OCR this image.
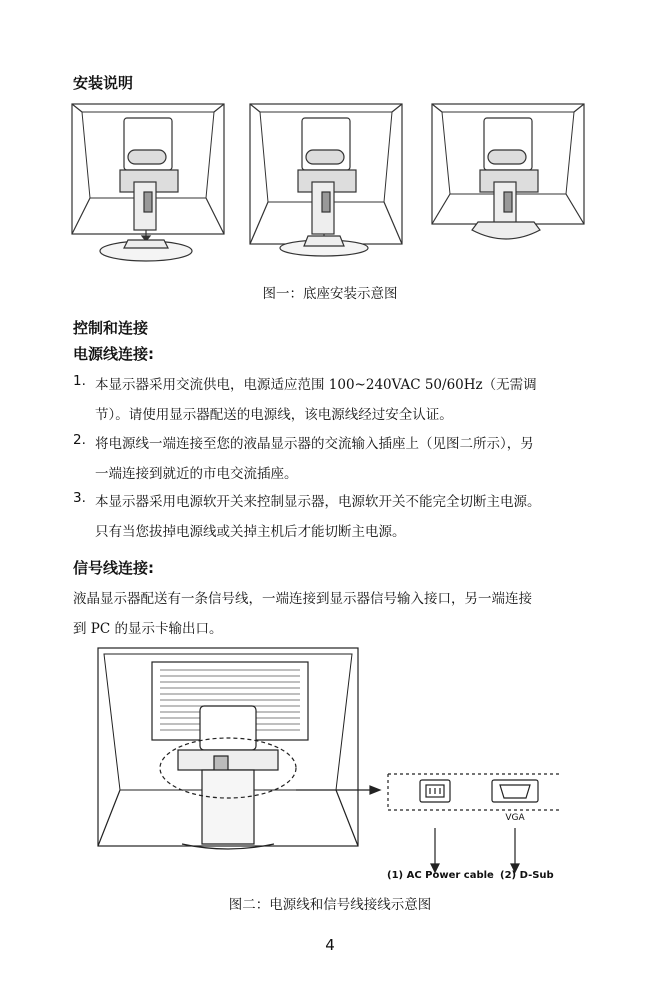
安装说明
图一：底座安装示意图
控制和连接
电源线连接:
1. 本显示器采用交流供电，电源适应范围 100~240VAC 50/60Hz（无需调
节）。请使用显示器配送的电源线，该电源线经过安全认证。
2. 将电源线一端连接至您的液晶显示器的交流输入插座上（见图二所示），另
一端连接到就近的市电交流插座。
3. 本显示器采用电源软开关来控制显示器，电源软开关不能完全切断主电源。
只有当您拔掉电源线或关掉主机后才能切断主电源。
信号线连接:
液晶显示器配送有一条信号线，一端连接到显示器信号输入接口，另一端连接
到 PC 的显示卡输出口。
VGA
(1) AC Power cable (2) D-Sub
图二：电源线和信号线接线示意图
4
